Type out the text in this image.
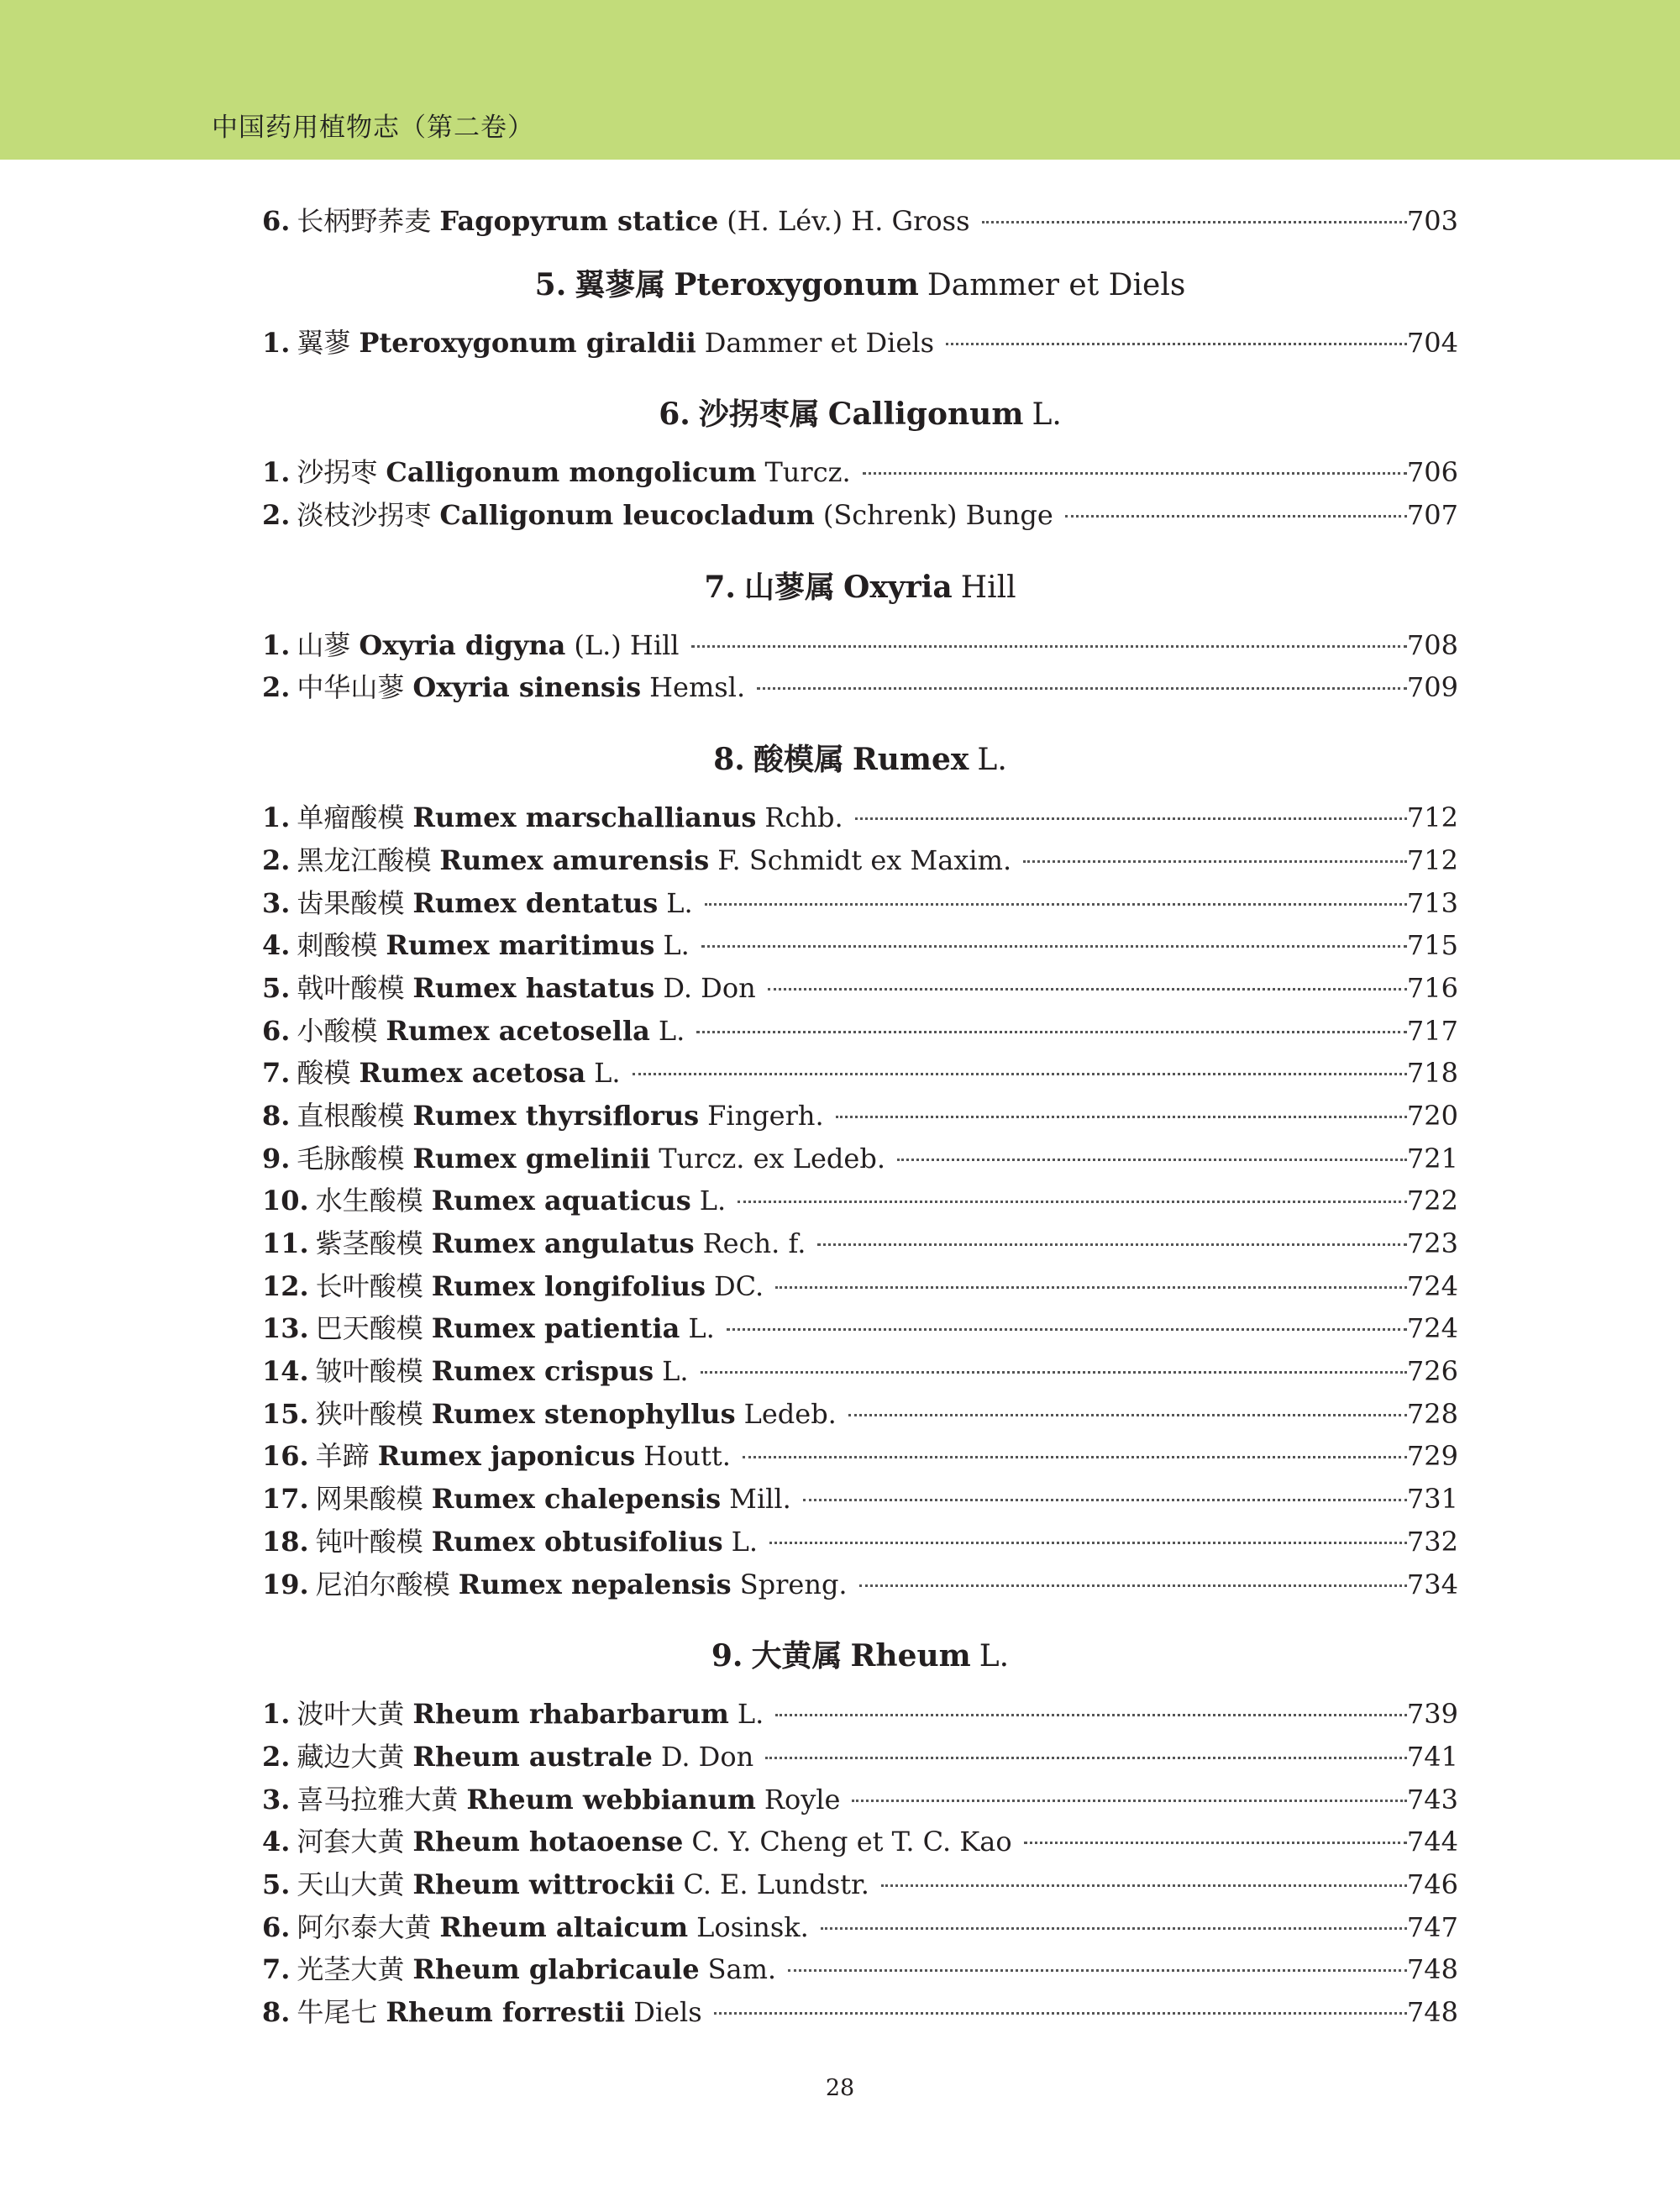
中国药用植物志（第二卷）
6. 长柄野荞麦 Fagopyrum statice (H. Lév.) H. Gross	703
5. 翼蓼属 Pteroxygonum Dammer et Diels
1. 翼蓼 Pteroxygonum giraldii Dammer et Diels	704
6. 沙拐枣属 Calligonum L.
1. 沙拐枣 Calligonum mongolicum Turcz.	706
2. 淡枝沙拐枣 Calligonum leucocladum (Schrenk) Bunge	707
7. 山蓼属 Oxyria Hill
1. 山蓼 Oxyria digyna (L.) Hill	708
2. 中华山蓼 Oxyria sinensis Hemsl.	709
8. 酸模属 Rumex L.
1. 单瘤酸模 Rumex marschallianus Rchb.	712
2. 黑龙江酸模 Rumex amurensis F. Schmidt ex Maxim.	712
3. 齿果酸模 Rumex dentatus L.	713
4. 刺酸模 Rumex maritimus L.	715
5. 戟叶酸模 Rumex hastatus D. Don	716
6. 小酸模 Rumex acetosella L.	717
7. 酸模 Rumex acetosa L.	718
8. 直根酸模 Rumex thyrsiflorus Fingerh.	720
9. 毛脉酸模 Rumex gmelinii Turcz. ex Ledeb.	721
10. 水生酸模 Rumex aquaticus L.	722
11. 紫茎酸模 Rumex angulatus Rech. f.	723
12. 长叶酸模 Rumex longifolius DC.	724
13. 巴天酸模 Rumex patientia L.	724
14. 皱叶酸模 Rumex crispus L.	726
15. 狭叶酸模 Rumex stenophyllus Ledeb.	728
16. 羊蹄 Rumex japonicus Houtt.	729
17. 网果酸模 Rumex chalepensis Mill.	731
18. 钝叶酸模 Rumex obtusifolius L.	732
19. 尼泊尔酸模 Rumex nepalensis Spreng.	734
9. 大黄属 Rheum L.
1. 波叶大黄 Rheum rhabarbarum L.	739
2. 藏边大黄 Rheum australe D. Don	741
3. 喜马拉雅大黄 Rheum webbianum Royle	743
4. 河套大黄 Rheum hotaoense C. Y. Cheng et T. C. Kao	744
5. 天山大黄 Rheum wittrockii C. E. Lundstr.	746
6. 阿尔泰大黄 Rheum altaicum Losinsk.	747
7. 光茎大黄 Rheum glabricaule Sam.	748
8. 牛尾七 Rheum forrestii Diels	748
28
